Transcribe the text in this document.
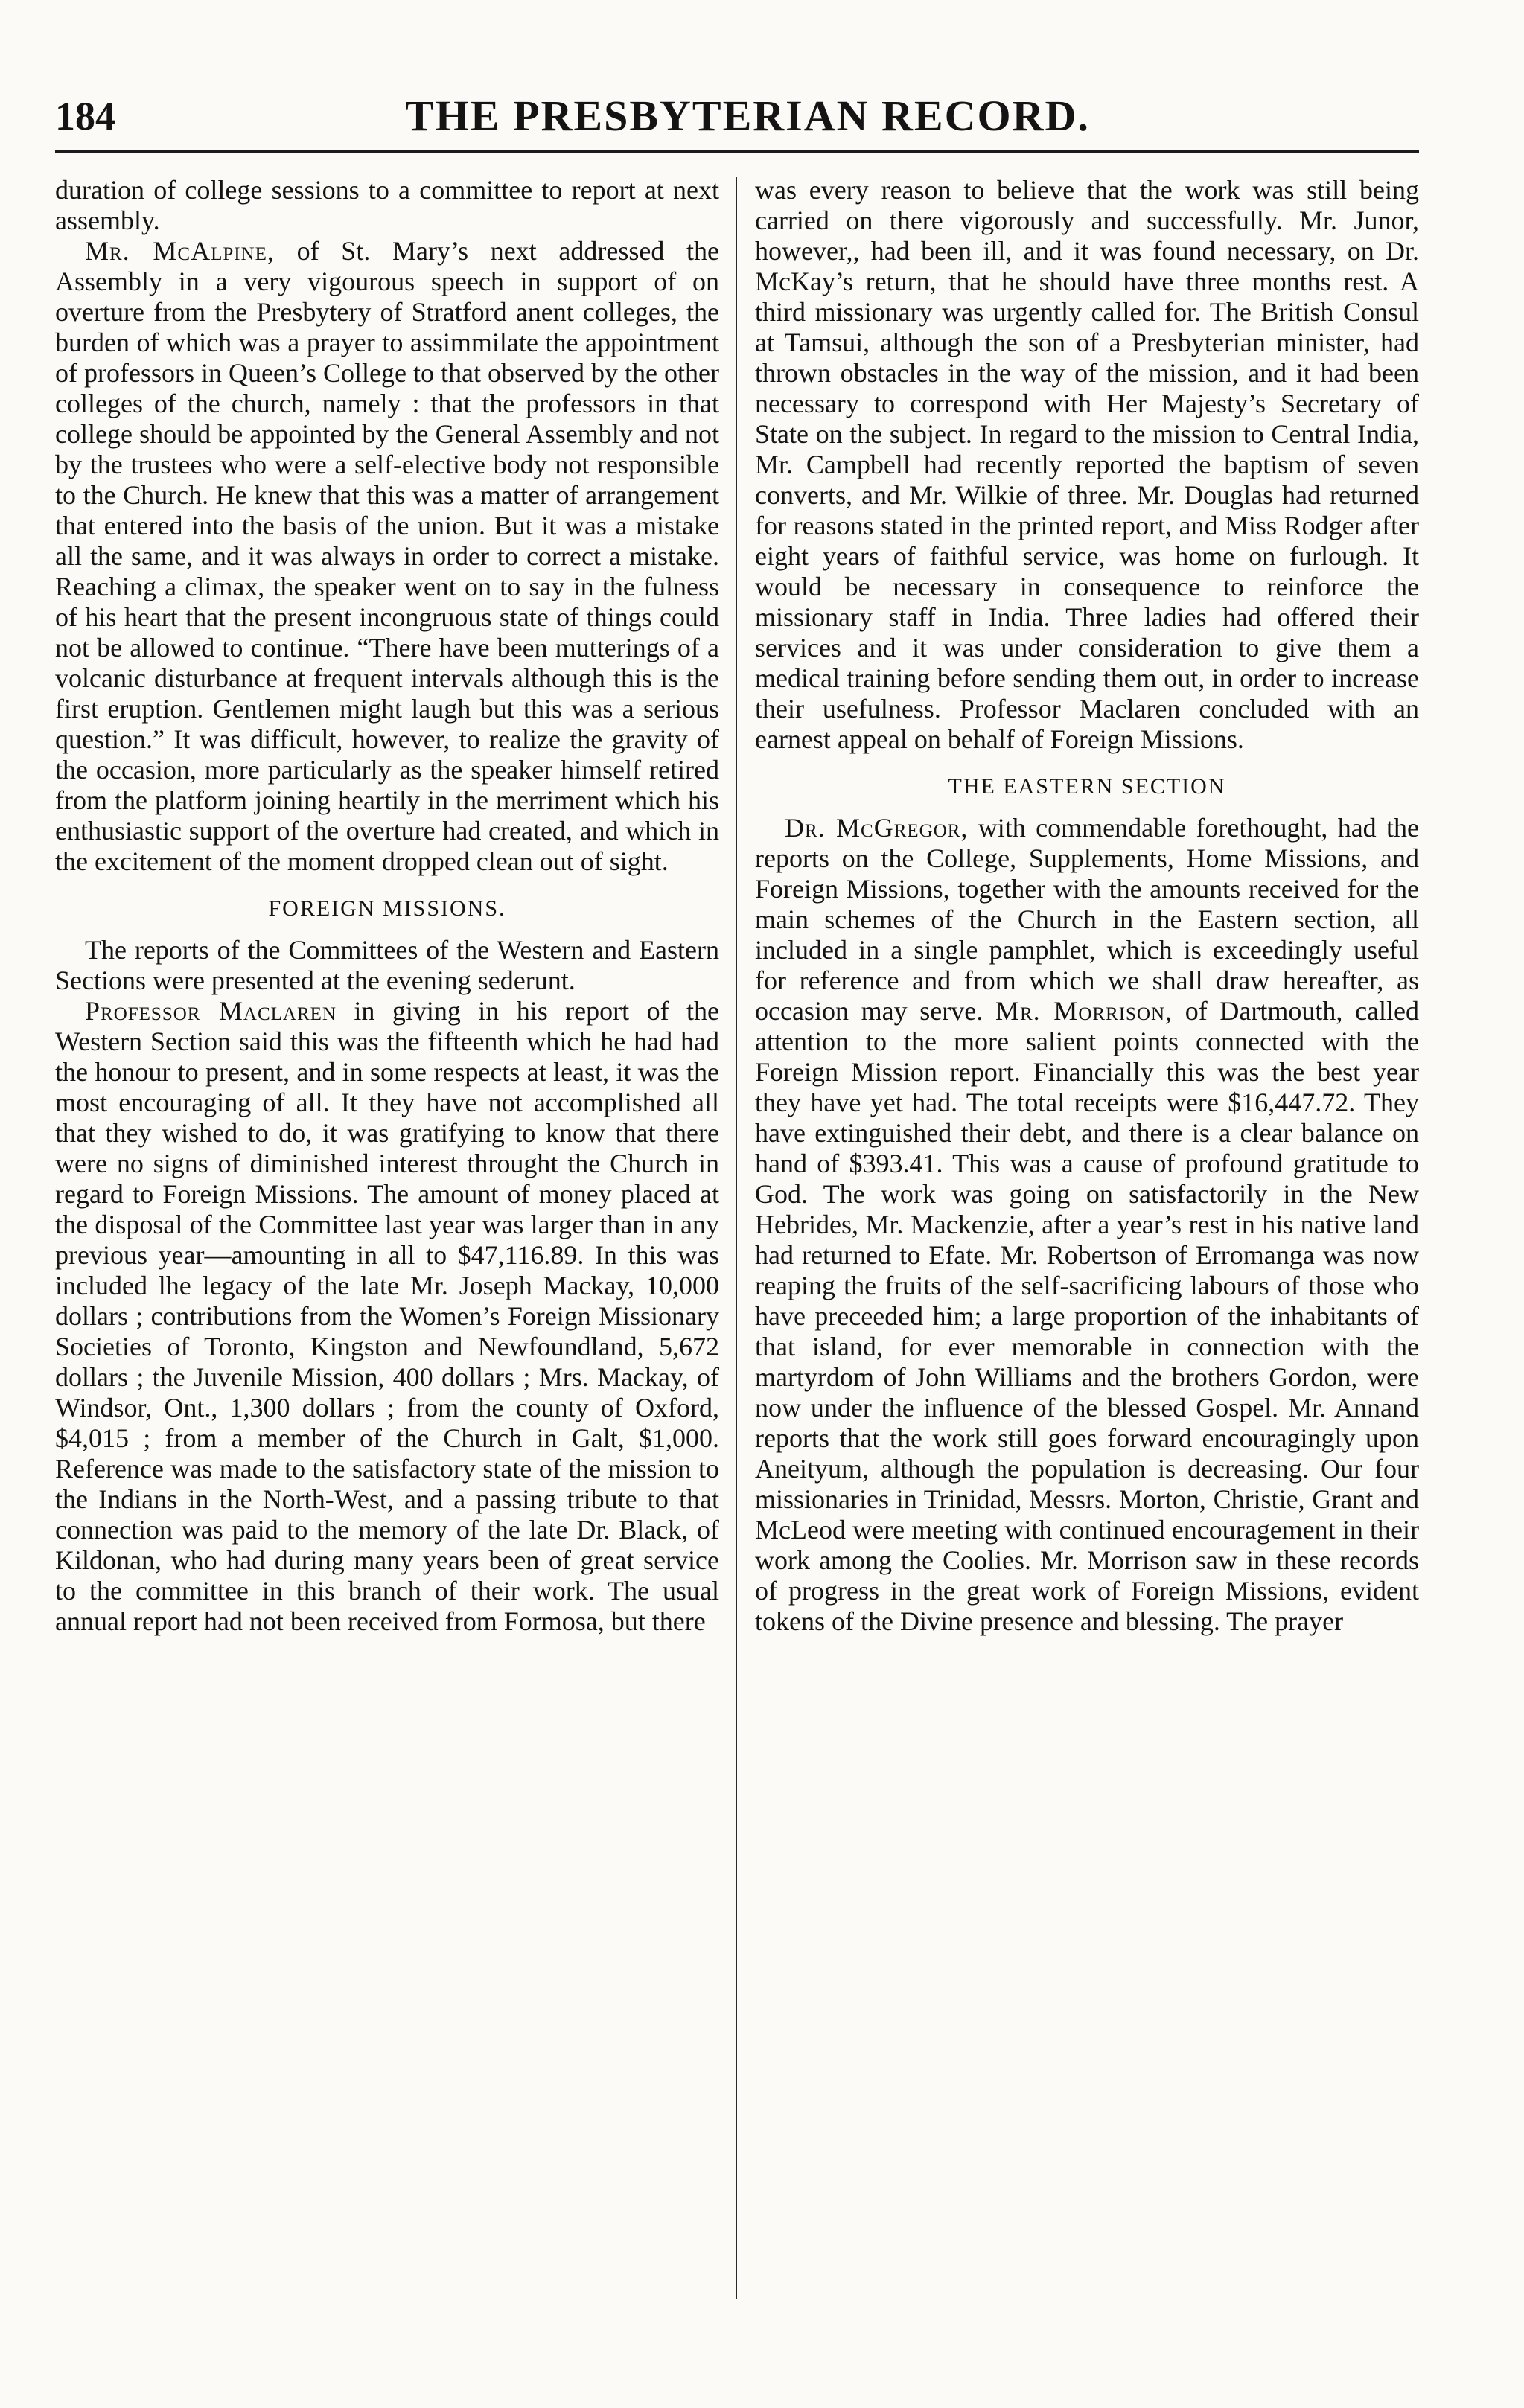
184	THE PRESBYTERIAN RECORD.

duration of college sessions to a committee to report at next assembly.

Mr. McAlpine, of St. Mary’s next addressed the Assembly in a very vigourous speech in support of on overture from the Presbytery of Stratford anent colleges, the burden of which was a prayer to assimmilate the appointment of professors in Queen’s College to that observed by the other colleges of the church, namely : that the professors in that college should be appointed by the General Assembly and not by the trustees who were a self-elective body not responsible to the Church. He knew that this was a matter of arrangement that entered into the basis of the union. But it was a mistake all the same, and it was always in order to correct a mistake. Reaching a climax, the speaker went on to say in the fulness of his heart that the present incongruous state of things could not be allowed to continue. “There have been mutterings of a volcanic disturbance at frequent intervals although this is the first eruption. Gentlemen might laugh but this was a serious question.” It was difficult, however, to realize the gravity of the occasion, more particularly as the speaker himself retired from the platform joining heartily in the merriment which his enthusiastic support of the overture had created, and which in the excitement of the moment dropped clean out of sight.

FOREIGN MISSIONS.

The reports of the Committees of the Western and Eastern Sections were presented at the evening sederunt.

Professor Maclaren in giving in his report of the Western Section said this was the fifteenth which he had had the honour to present, and in some respects at least, it was the most encouraging of all. It they have not accomplished all that they wished to do, it was gratifying to know that there were no signs of diminished interest throught the Church in regard to Foreign Missions. The amount of money placed at the disposal of the Committee last year was larger than in any previous year—amounting in all to $47,116.89. In this was included lhe legacy of the late Mr. Joseph Mackay, 10,000 dollars ; contributions from the Women’s Foreign Missionary Societies of Toronto, Kingston and Newfoundland, 5,672 dollars ; the Juvenile Mission, 400 dollars ; Mrs. Mackay, of Windsor, Ont., 1,300 dollars ; from the county of Oxford, $4,015 ; from a member of the Church in Galt, $1,000. Reference was made to the satisfactory state of the mission to the Indians in the North-West, and a passing tribute to that connection was paid to the memory of the late Dr. Black, of Kildonan, who had during many years been of great service to the committee in this branch of their work. The usual annual report had not been received from Formosa, but there

was every reason to believe that the work was still being carried on there vigorously and successfully. Mr. Junor, however,, had been ill, and it was found necessary, on Dr. McKay’s return, that he should have three months rest. A third missionary was urgently called for. The British Consul at Tamsui, although the son of a Presbyterian minister, had thrown obstacles in the way of the mission, and it had been necessary to correspond with Her Majesty’s Secretary of State on the subject. In regard to the mission to Central India, Mr. Campbell had recently reported the baptism of seven converts, and Mr. Wilkie of three. Mr. Douglas had returned for reasons stated in the printed report, and Miss Rodger after eight years of faithful service, was home on furlough. It would be necessary in consequence to reinforce the missionary staff in India. Three ladies had offered their services and it was under consideration to give them a medical training before sending them out, in order to increase their usefulness. Professor Maclaren concluded with an earnest appeal on behalf of Foreign Missions.

THE EASTERN SECTION

Dr. McGregor, with commendable forethought, had the reports on the College, Supplements, Home Missions, and Foreign Missions, together with the amounts received for the main schemes of the Church in the Eastern section, all included in a single pamphlet, which is exceedingly useful for reference and from which we shall draw hereafter, as occasion may serve. Mr. Morrison, of Dartmouth, called attention to the more salient points connected with the Foreign Mission report. Financially this was the best year they have yet had. The total receipts were $16,447.72. They have extinguished their debt, and there is a clear balance on hand of $393.41. This was a cause of profound gratitude to God. The work was going on satisfactorily in the New Hebrides, Mr. Mackenzie, after a year’s rest in his native land had returned to Efate. Mr. Robertson of Erromanga was now reaping the fruits of the self-sacrificing labours of those who have preceeded him; a large proportion of the inhabitants of that island, for ever memorable in connection with the martyrdom of John Williams and the brothers Gordon, were now under the influence of the blessed Gospel. Mr. Annand reports that the work still goes forward encouragingly upon Aneityum, although the population is decreasing. Our four missionaries in Trinidad, Messrs. Morton, Christie, Grant and McLeod were meeting with continued encouragement in their work among the Coolies. Mr. Morrison saw in these records of progress in the great work of Foreign Missions, evident tokens of the Divine presence and blessing. The prayer
